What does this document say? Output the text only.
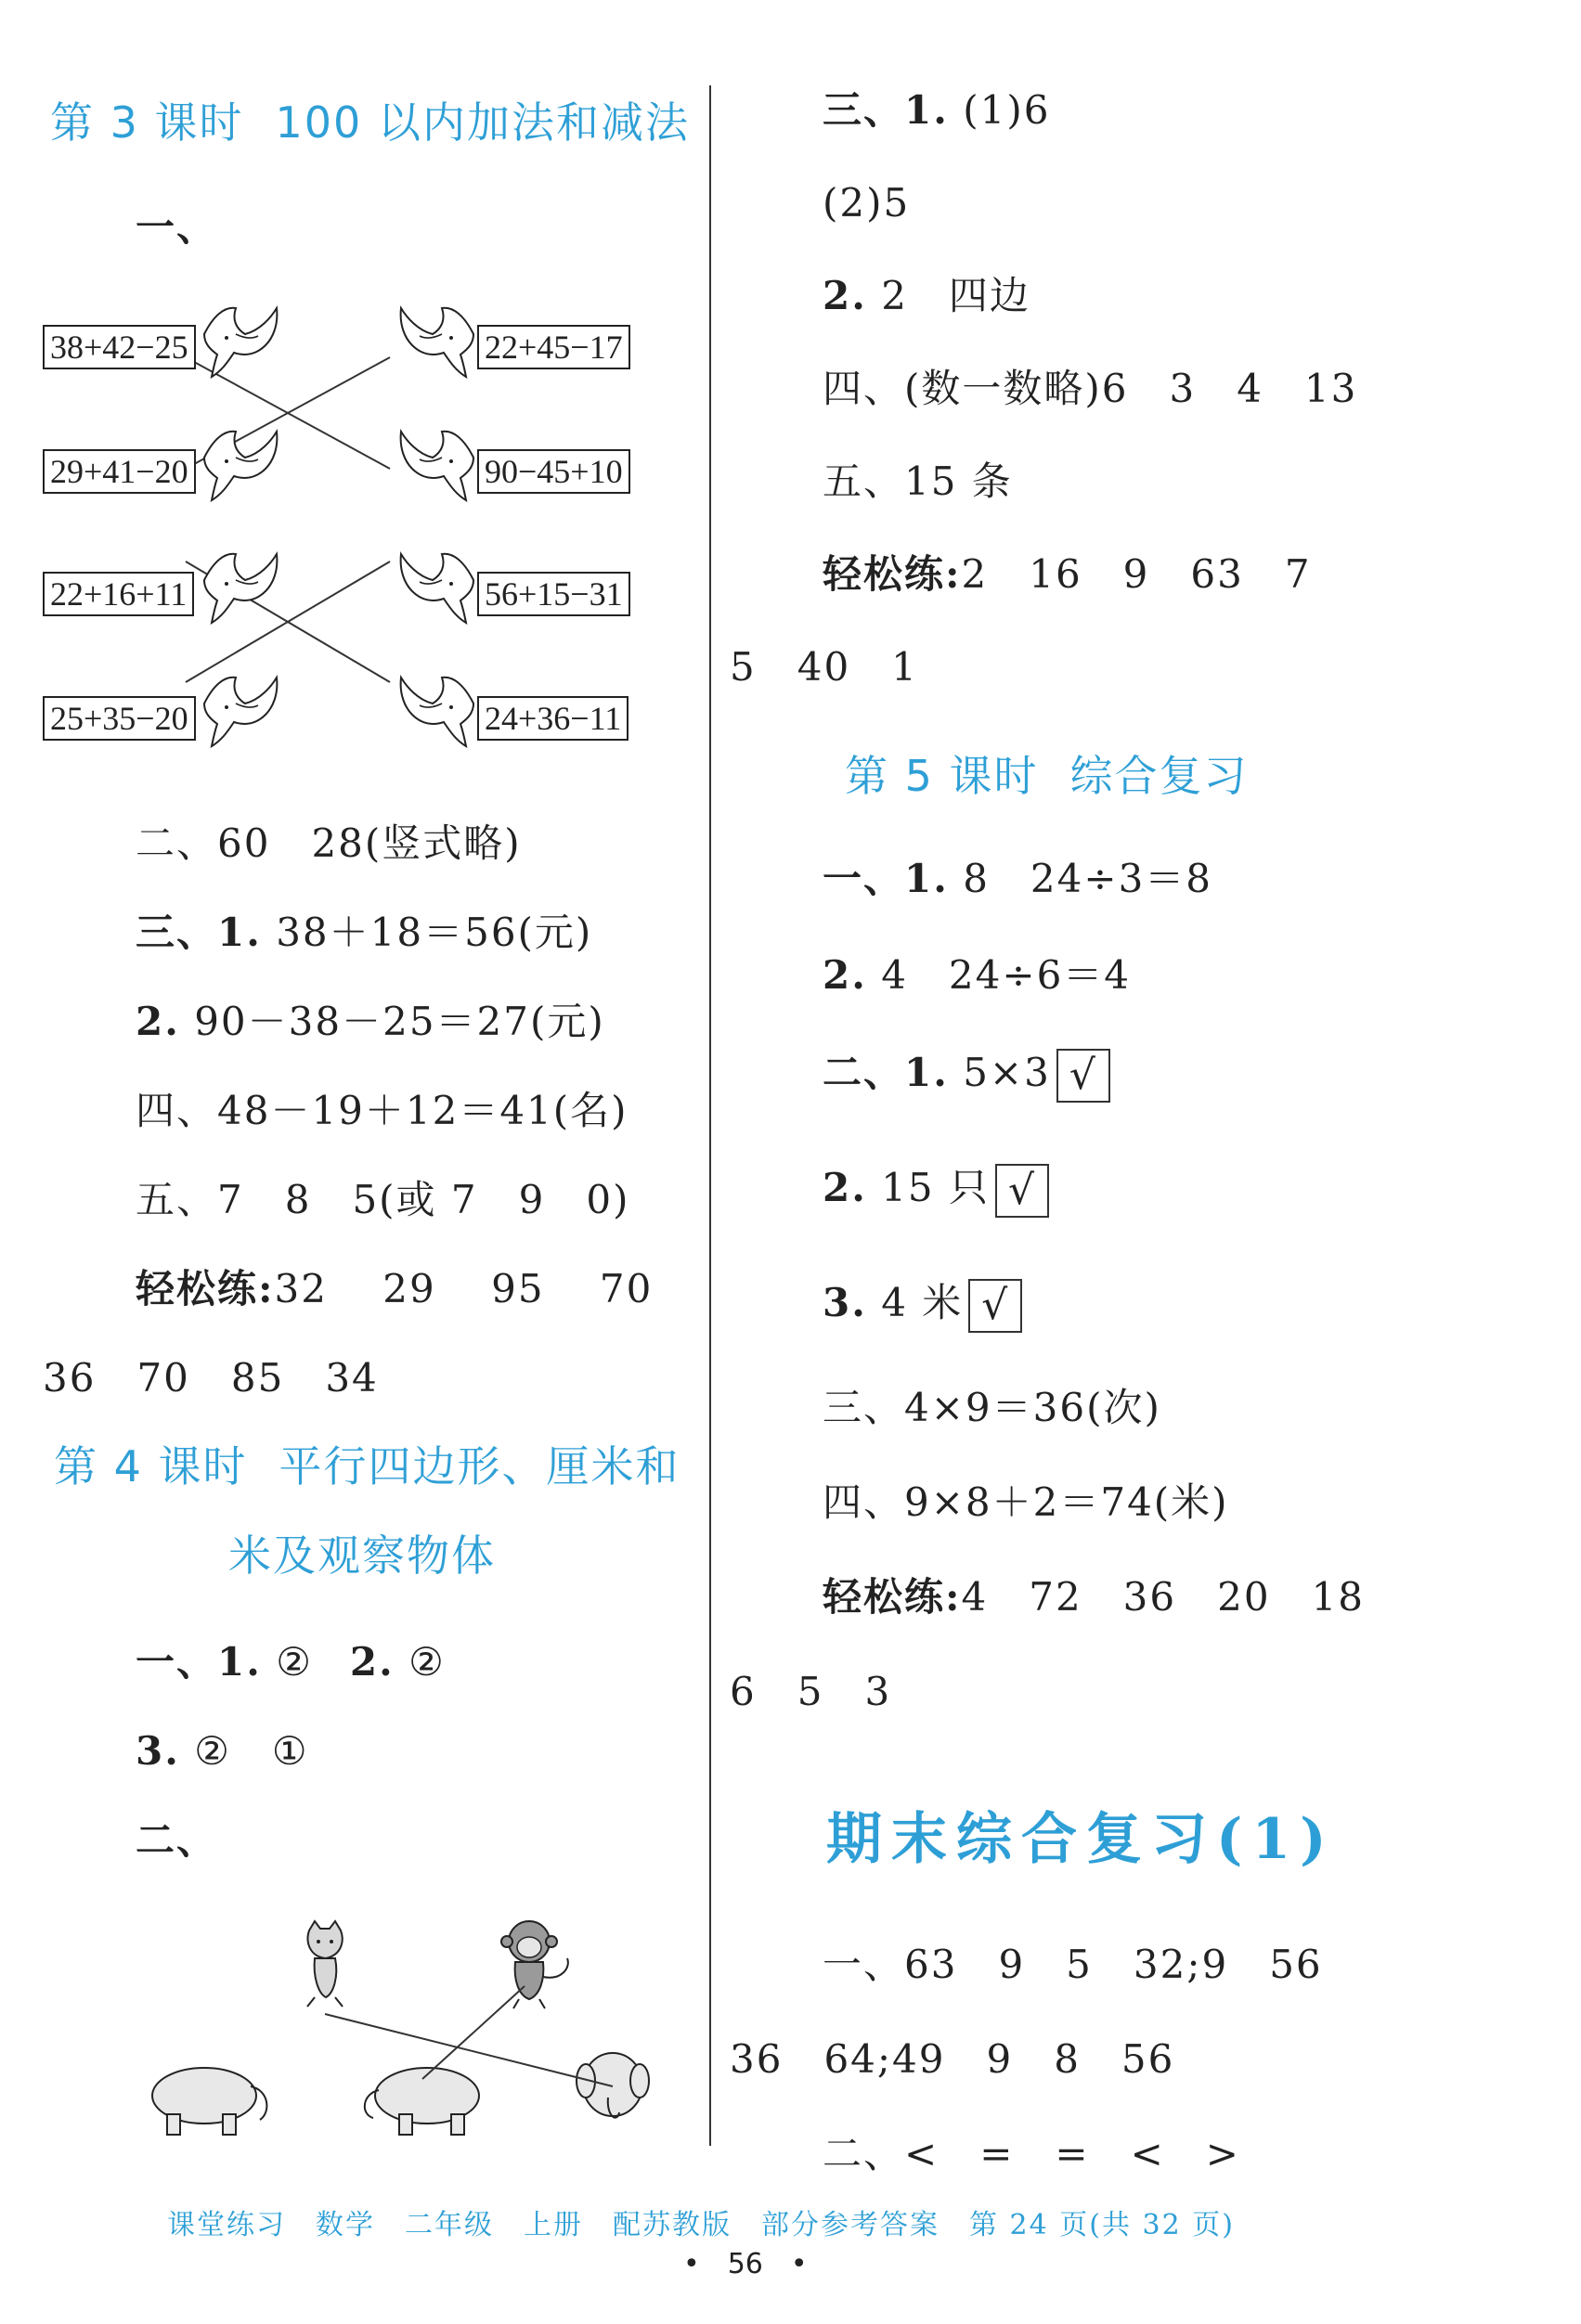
第 3 课时 100 以内加法和减法
一、
38+42−25
29+41−20
22+16+11
25+35−20
22+45−17
90−45+10
56+15−31
24+36−11
二、60　28(竖式略)
三、1. 38＋18＝56(元)
2. 90－38－25＝27(元)
四、48－19＋12＝41(名)
五、7　8　5(或 7　9　0)
轻松练:32　 29　 95　 70
36　70　85　34
第 4 课时 平行四边形、厘米和
米及观察物体
一、1. ② 2. ②
3. ②　①
二、
三、1. (1)6
(2)5
2. 2　四边
四、(数一数略)6　3　4　13
五、15 条
轻松练:2　16　9　63　7
5　40　1
第 5 课时 综合复习
一、1. 8　24÷3＝8
2. 4　24÷6＝4
二、1. 5×3 √
2. 15 只 √
3. 4 米 √
三、4×9＝36(次)
四、9×8＋2＝74(米)
轻松练:4　72　36　20　18
6　5　3
期末综合复习(1)
一、63　9　5　32;9　56
36　64;49　9　8　56
二、<　=　=　<　>
课堂练习　数学　二年级　上册　配苏教版　部分参考答案　第 24 页(共 32 页)
•　56　•
